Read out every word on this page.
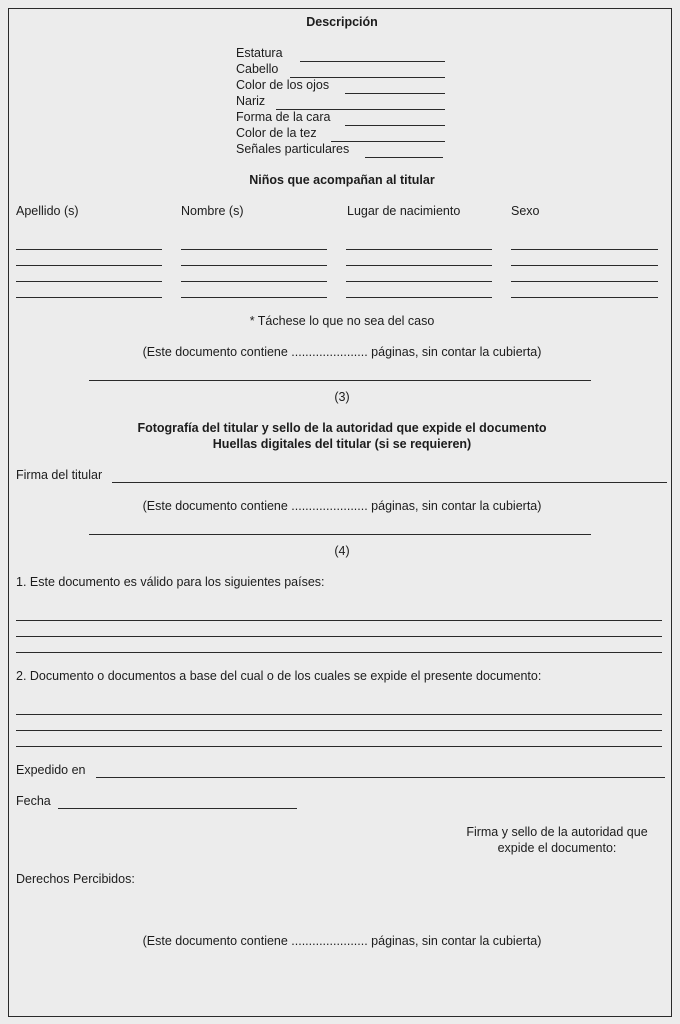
Descripción
Estatura
Cabello
Color de los ojos
Nariz
Forma de la cara
Color de la tez
Señales particulares
Niños que acompañan al titular
Apellido (s)	Nombre (s)	Lugar de nacimiento	Sexo
* Táchese lo que no sea del caso
(Este documento contiene ...................... páginas, sin contar la cubierta)
(3)
Fotografía del titular y sello de la autoridad que expide el documento
Huellas digitales del titular (si se requieren)
Firma del titular
(Este documento contiene ...................... páginas, sin contar la cubierta)
(4)
1. Este documento es válido para los siguientes países:
2. Documento o documentos a base del cual o de los cuales se expide el presente documento:
Expedido en
Fecha
Firma y sello de la autoridad que
expide el documento:
Derechos Percibidos:
(Este documento contiene ...................... páginas, sin contar la cubierta)
